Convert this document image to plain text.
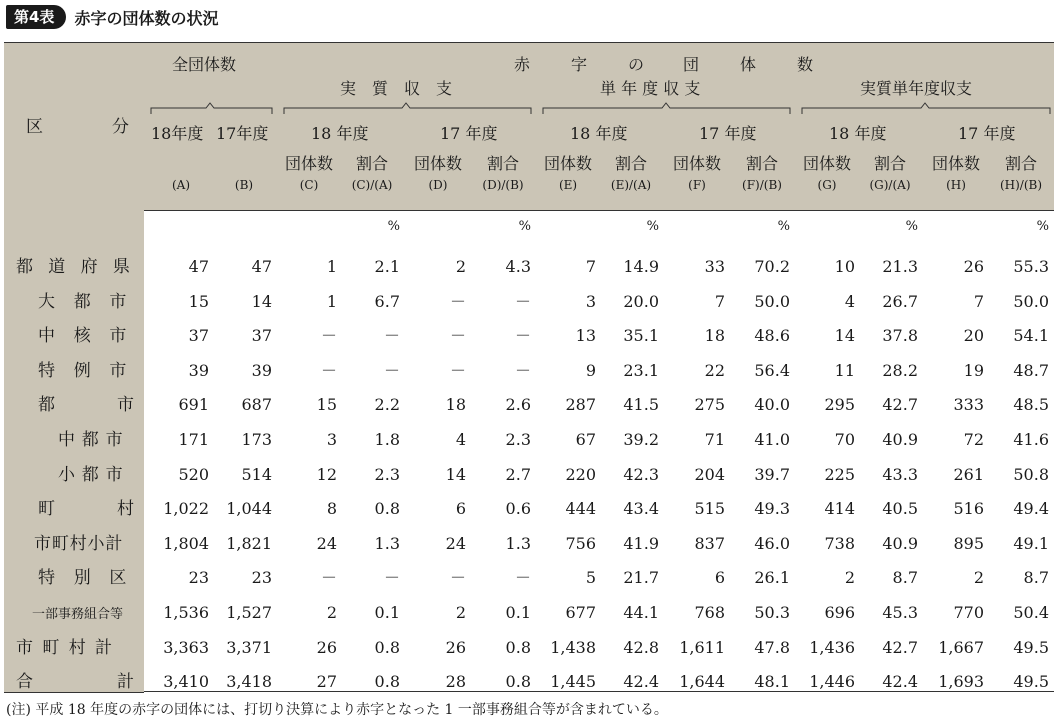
第4表	赤字の団体数の状況
区	分
全団体数	赤	字	の 団	体	数
実　質　収　支	単 年 度 収 支	実質単年度収支
18年度 17年度	18 年度	17 年度	18 年度	17 年度	18 年度	17 年度
団体数	割合	団体数	割合	団体数	割合	団体数	割合	団体数	割合	団体数	割合
(A)	(B)	(C)	(C)/(A)	(D)	(D)/(B)	(E)	(E)/(A)	(F)	(F)/(B)	(G)	(G)/(A)	(H)	(H)/(B)
%	%	%	%	%	%
都道府県	47	47	1	2.1	2	4.3	7	14.9	33	70.2	10	21.3	26	55.3
大都市	15	14	1	6.7	－	－	3	20.0	7	50.0	4	26.7	7	50.0
中核市	37	37	－	－	－	－	13	35.1	18	48.6	14	37.8	20	54.1
特例市	39	39	－	－	－	－	9	23.1	22	56.4	11	28.2	19	48.7
都	市	691	687	15	2.2	18	2.6	287	41.5	275	40.0	295	42.7	333	48.5
中都市	171	173	3	1.8	4	2.3	67	39.2	71	41.0	70	40.9	72	41.6
小都市	520	514	12	2.3	14	2.7	220	42.3	204	39.7	225	43.3	261	50.8
町	村	1,022	1,044	8	0.8	6	0.6	444	43.4	515	49.3	414	40.5	516	49.4
市町村小計	1,804	1,821	24	1.3	24	1.3	756	41.9	837	46.0	738	40.9	895	49.1
特別区	23	23	－	－	－	－	5	21.7	6	26.1	2	8.7	2	8.7
一部事務組合等	1,536	1,527	2	0.1	2	0.1	677	44.1	768	50.3	696	45.3	770	50.4
市町村計	3,363	3,371	26	0.8	26	0.8	1,438	42.8	1,611	47.8	1,436	42.7	1,667	49.5
合	計	3,410	3,418	27	0.8	28	0.8	1,445	42.4	1,644	48.1	1,446	42.4	1,693	49.5
(注) 平成 18 年度の赤字の団体には、打切り決算により赤字となった 1 一部事務組合等が含まれている。
